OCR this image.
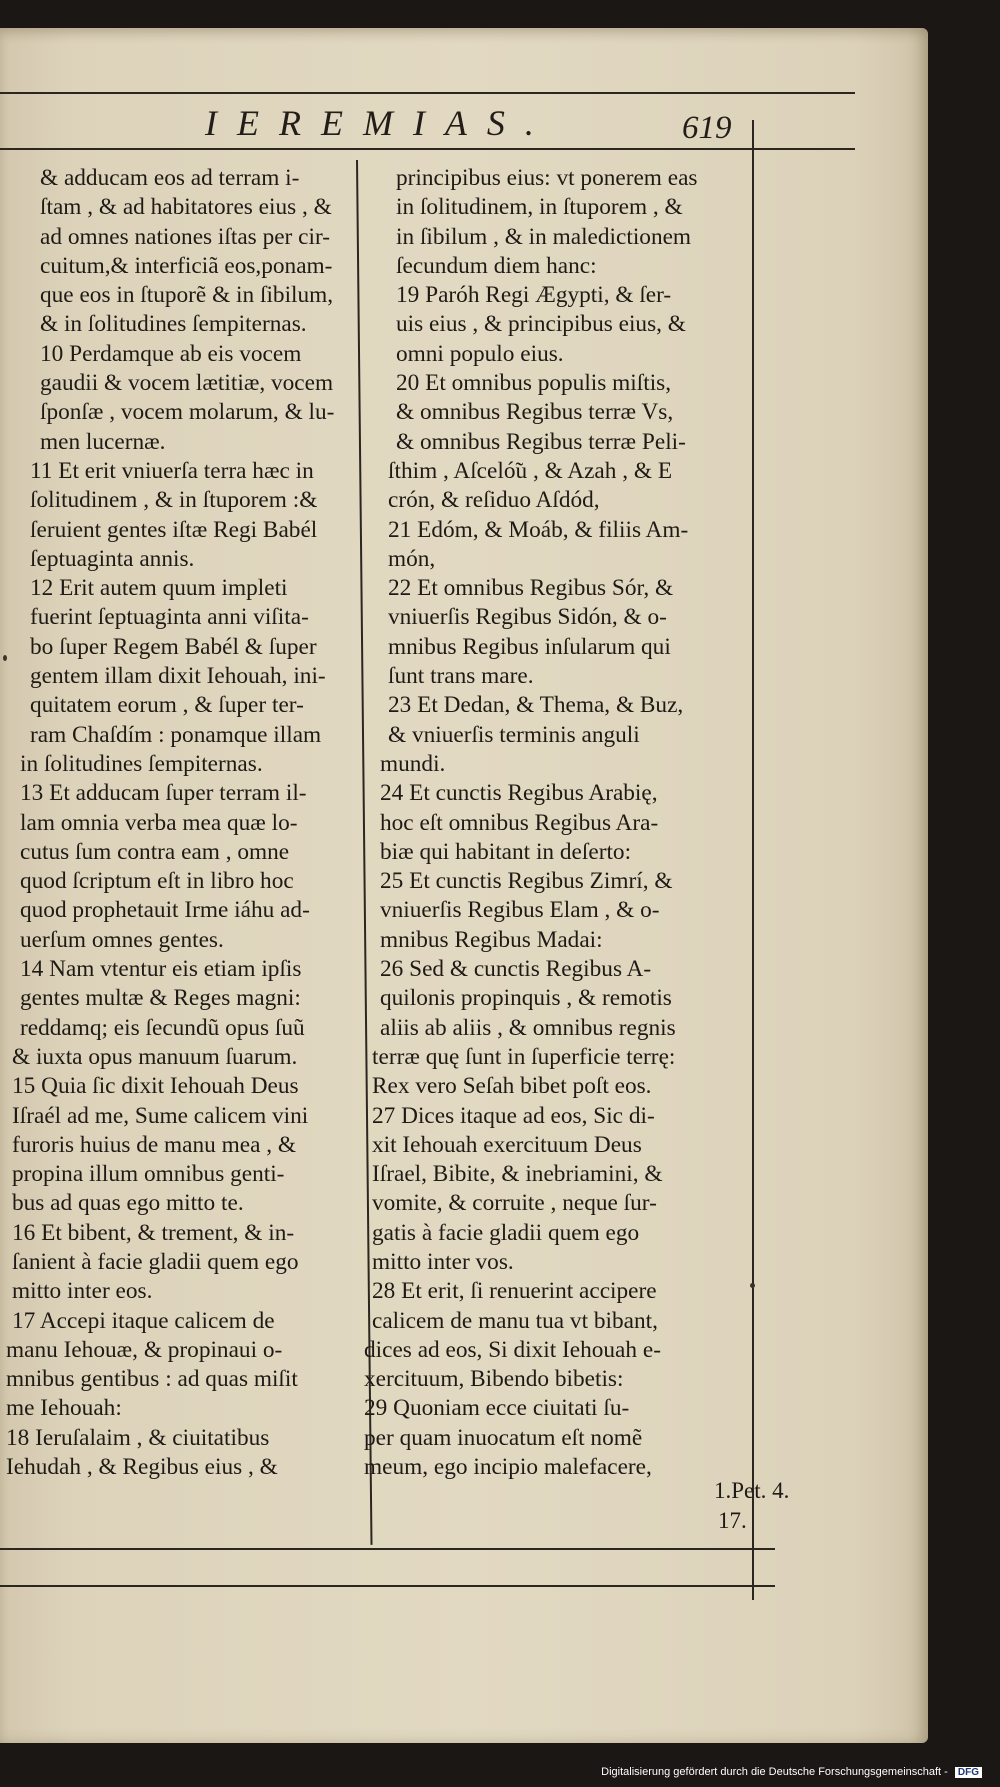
IEREMIAS.	619
& adducam eos ad terram i-
ſtam , & ad habitatores eius , &
ad omnes nationes iſtas per cir-
cuitum,& interficiã eos,ponam-
que eos in ſtuporẽ & in ſibilum,
& in ſolitudines ſempiternas.
10 Perdamque ab eis vocem
gaudii & vocem lætitiæ, vocem
ſponſæ , vocem molarum, & lu-
men lucernæ.
11 Et erit vniuerſa terra hæc in
ſolitudinem , & in ſtuporem :&
ſeruient gentes iſtæ Regi Babél
ſeptuaginta annis.
12 Erit autem quum impleti
fuerint ſeptuaginta anni viſita-
bo ſuper Regem Babél & ſuper
gentem illam dixit Iehouah, ini-
quitatem eorum , & ſuper ter-
ram Chaſdím : ponamque illam
in ſolitudines ſempiternas.
13 Et adducam ſuper terram il-
lam omnia verba mea quæ lo-
cutus ſum contra eam , omne
quod ſcriptum eſt in libro hoc
quod prophetauit Irme iáhu ad-
uerſum omnes gentes.
14 Nam vtentur eis etiam ipſis
gentes multæ & Reges magni:
reddamq; eis ſecundũ opus ſuũ
& iuxta opus manuum ſuarum.
15 Quia ſic dixit Iehouah Deus
Iſraél ad me, Sume calicem vini
furoris huius de manu mea , &
propina illum omnibus genti-
bus ad quas ego mitto te.
16 Et bibent, & trement, & in-
ſanient à facie gladii quem ego
mitto inter eos.
17 Accepi itaque calicem de
manu Iehouæ, & propinaui o-
mnibus gentibus : ad quas miſit
me Iehouah:
18 Ieruſalaim , & ciuitatibus
Iehudah , & Regibus eius , &
principibus eius: vt ponerem eas
in ſolitudinem, in ſtuporem , &
in ſibilum , & in maledictionem
ſecundum diem hanc:
19 Paróh Regi Ægypti, & ſer-
uis eius , & principibus eius, &
omni populo eius.
20 Et omnibus populis miſtis,
& omnibus Regibus terræ Vs,
& omnibus Regibus terræ Peli-
ſthim , Aſceló̃u , & Azah , & E
crón, & reſiduo Aſdód,
21 Edóm, & Moáb, & filiis Am-
món,
22 Et omnibus Regibus Sór, &
vniuerſis Regibus Sidón, & o-
mnibus Regibus inſularum qui
ſunt trans mare.
23 Et Dedan, & Thema, & Buz,
& vniuerſis terminis anguli
mundi.
24 Et cunctis Regibus Arabię,
hoc eſt omnibus Regibus Ara-
biæ qui habitant in deſerto:
25 Et cunctis Regibus Zimrí, &
vniuerſis Regibus Elam , & o-
mnibus Regibus Madai:
26 Sed & cunctis Regibus A-
quilonis propinquis , & remotis
aliis ab aliis , & omnibus regnis
terræ quę ſunt in ſuperficie terrę:
Rex vero Seſah bibet poſt eos.
27 Dices itaque ad eos, Sic di-
xit Iehouah exercituum Deus
Iſrael, Bibite, & inebriamini, &
vomite, & corruite , neque ſur-
gatis à facie gladii quem ego
mitto inter vos.
28 Et erit, ſi renuerint accipere
calicem de manu tua vt bibant,
dices ad eos, Si dixit Iehouah e-
xercituum, Bibendo bibetis:
29 Quoniam ecce ciuitati ſu-
per quam inuocatum eſt nomẽ
meum, ego incipio malefacere,
1.Pet. 4.
17.
Digitalisierung gefördert durch die Deutsche Forschungsgemeinschaft - DFG
